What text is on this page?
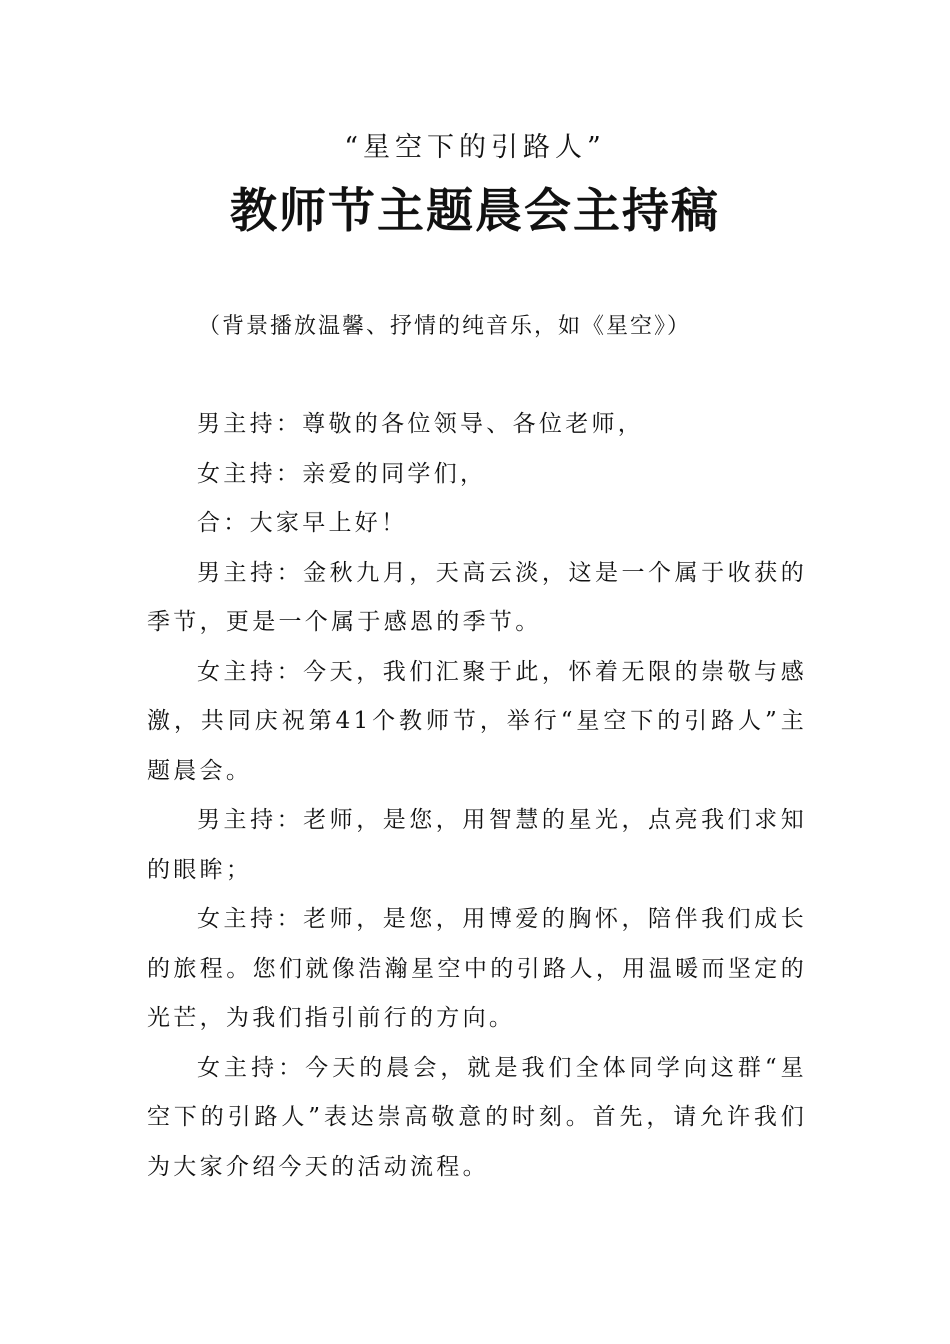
“星空下的引路人”
教师节主题晨会主持稿
（背景播放温馨、抒情的纯音乐，如《星空》）

男主持：尊敬的各位领导、各位老师，

女主持：亲爱的同学们，

合：大家早上好！

男主持：金秋九月，天高云淡，这是一个属于收获的季节，更是一个属于感恩的季节。

女主持：今天，我们汇聚于此，怀着无限的崇敬与感激，共同庆祝第41个教师节，举行“星空下的引路人”主题晨会。

男主持：老师，是您，用智慧的星光，点亮我们求知的眼眸；

女主持：老师，是您，用博爱的胸怀，陪伴我们成长的旅程。您们就像浩瀚星空中的引路人，用温暖而坚定的光芒，为我们指引前行的方向。

女主持：今天的晨会，就是我们全体同学向这群“星空下的引路人”表达崇高敬意的时刻。首先，请允许我们为大家介绍今天的活动流程。
